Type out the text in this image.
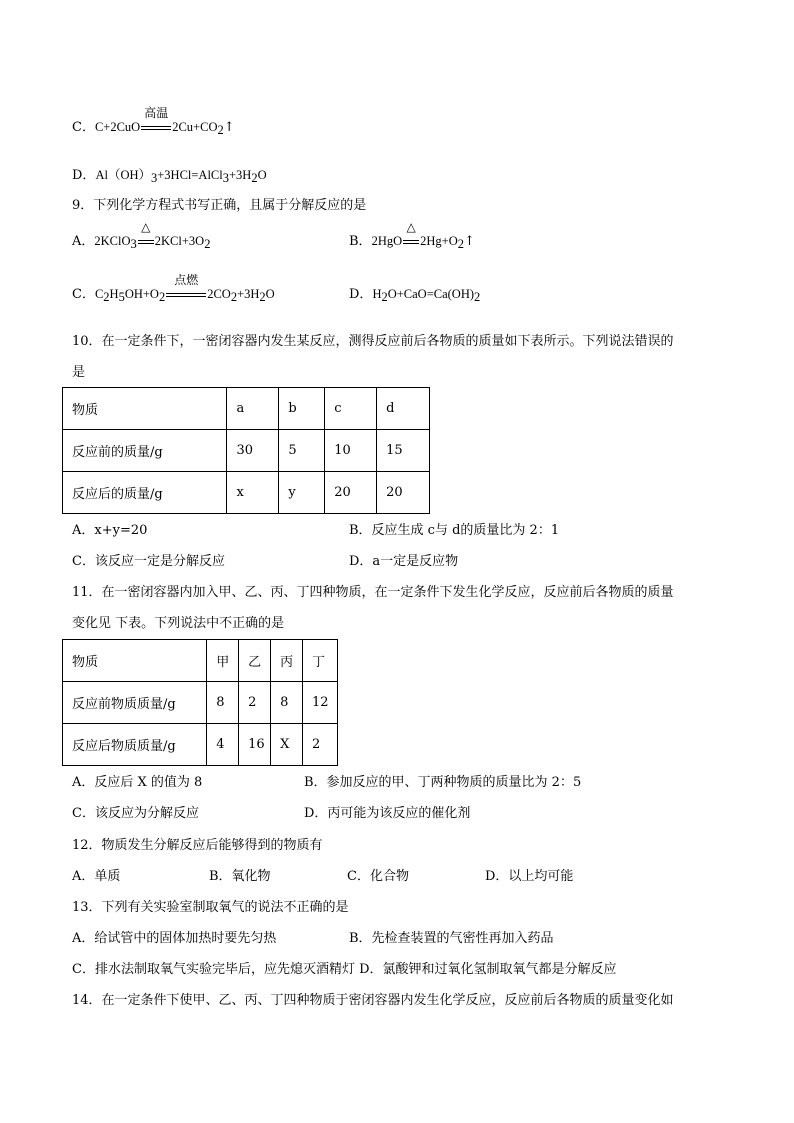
C．C+2CuO
高温
$2Cu+CO_2↑$
D．$Al(OH)_3+3HCl=AlCl_3+3H_2O$
9．下列化学方程式书写正确，且属于分解反应的是
A．2KClO$_3$
△
$2KCl+3O_2$	B．2HgO
△
$2Hg+O_2↑$
C．$C_2H_5OH+O_2$
点燃
$2CO_2+3H_2O$	D．$H_2O+CaO=Ca(OH)_2$
10．在一定条件下，一密闭容器内发生某反应，测得反应前后各物质的质量如下表所示。下列说法错误的
是
物质	a	b	c	d
反应前的质量/g	30	5	10	15
反应后的质量/g	x	y	20	20
A．x+y=20	B．反应生成 c与 d的质量比为 2：1
C．该反应一定是分解反应	D．a一定是反应物
11．在一密闭容器内加入甲、乙、丙、丁四种物质，在一定条件下发生化学反应，反应前后各物质的质量
变化见 下表。下列说法中不正确的是
物质	甲	乙	丙	丁
反应前物质质量/g	8	2	8	12
反应后物质质量/g	4	16	X	2
A．反应后 X 的值为 8	B．参加反应的甲、丁两种物质的质量比为 2：5
C．该反应为分解反应	D．丙可能为该反应的催化剂
12．物质发生分解反应后能够得到的物质有
A．单质	B．氧化物	C．化合物	D．以上均可能
13．下列有关实验室制取氧气的说法不正确的是
A．给试管中的固体加热时要先匀热	B．先检查装置的气密性再加入药品
C．排水法制取氧气实验完毕后，应先熄灭酒精灯 D．氯酸钾和过氧化氢制取氧气都是分解反应
14．在一定条件下使甲、乙、丙、丁四种物质于密闭容器内发生化学反应，反应前后各物质的质量变化如
